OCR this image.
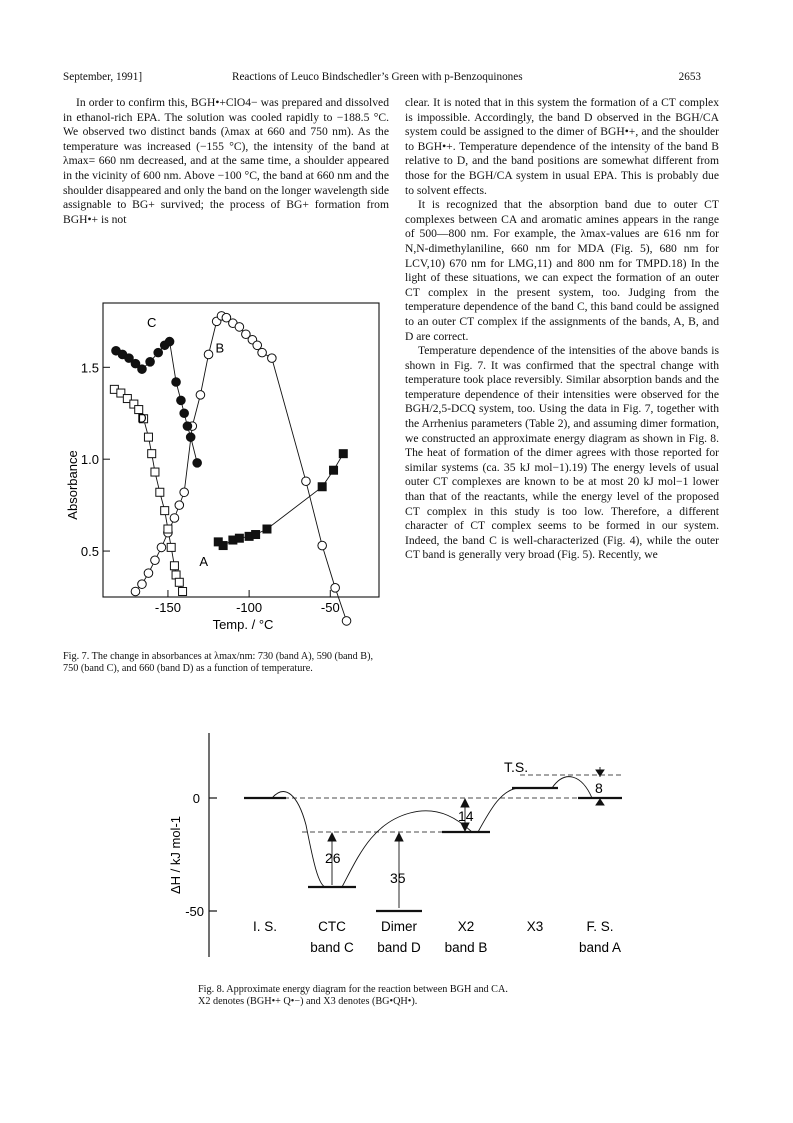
September, 1991]	Reactions of Leuco Bindschedler’s Green with p-Benzoquinones	2653

In order to confirm this, BGH•+ClO4− was prepared and dissolved in ethanol-rich EPA. The solution was cooled rapidly to −188.5 °C. We observed two distinct bands (λmax at 660 and 750 nm). As the temperature was increased (−155 °C), the intensity of the band at λmax= 660 nm decreased, and at the same time, a shoulder appeared in the vicinity of 600 nm. Above −100 °C, the band at 660 nm and the shoulder disappeared and only the band on the longer wavelength side assignable to BG+ survived; the process of BG+ formation from BGH•+ is not

clear. It is noted that in this system the formation of a CT complex is impossible. Accordingly, the band D observed in the BGH/CA system could be assigned to the dimer of BGH•+, and the shoulder to BGH•+. Temperature dependence of the intensity of the band B relative to D, and the band positions are somewhat different from those for the BGH/CA system in usual EPA. This is probably due to solvent effects.

It is recognized that the absorption band due to outer CT complexes between CA and aromatic amines appears in the range of 500—800 nm. For example, the λmax-values are 616 nm for N,N-dimethylaniline, 660 nm for MDA (Fig. 5), 680 nm for LCV,10) 670 nm for LMG,11) and 800 nm for TMPD.18) In the light of these situations, we can expect the formation of an outer CT complex in the present system, too. Judging from the temperature dependence of the band C, this band could be assigned to an outer CT complex if the assignments of the bands, A, B, and D are correct.

Temperature dependence of the intensities of the above bands is shown in Fig. 7. It was confirmed that the spectral change with temperature took place reversibly. Similar absorption bands and the temperature dependence of their intensities were observed for the BGH/2,5-DCQ system, too. Using the data in Fig. 7, together with the Arrhenius parameters (Table 2), and assuming dimer formation, we constructed an approximate energy diagram as shown in Fig. 8. The heat of formation of the dimer agrees with those reported for similar systems (ca. 35 kJ mol−1).19) The energy levels of usual outer CT complexes are known to be at most 20 kJ mol−1 lower than that of the reactants, while the energy level of the proposed CT complex in this study is too low. Therefore, a different character of CT complex seems to be formed in our system. Indeed, the band C is well-characterized (Fig. 4), while the outer CT band is generally very broad (Fig. 5). Recently, we

-150	-100	-50
0.5
1.0
1.5
A
B
C
D
Temp. / °C
Absorbance
Fig. 7. The change in absorbances at λmax/nm: 730 (band A), 590 (band B), 750 (band C), and 660 (band D) as a function of temperature.
0
-50
ΔH / kJ mol-1	26
35
14
8
T.S.
I. S.	CTC
band C
Dimer
band D
X2
band B
X3	F. S.
band A
Fig. 8. Approximate energy diagram for the reaction between BGH and CA.
X2 denotes (BGH•+ Q•−) and X3 denotes (BG•QH•).
